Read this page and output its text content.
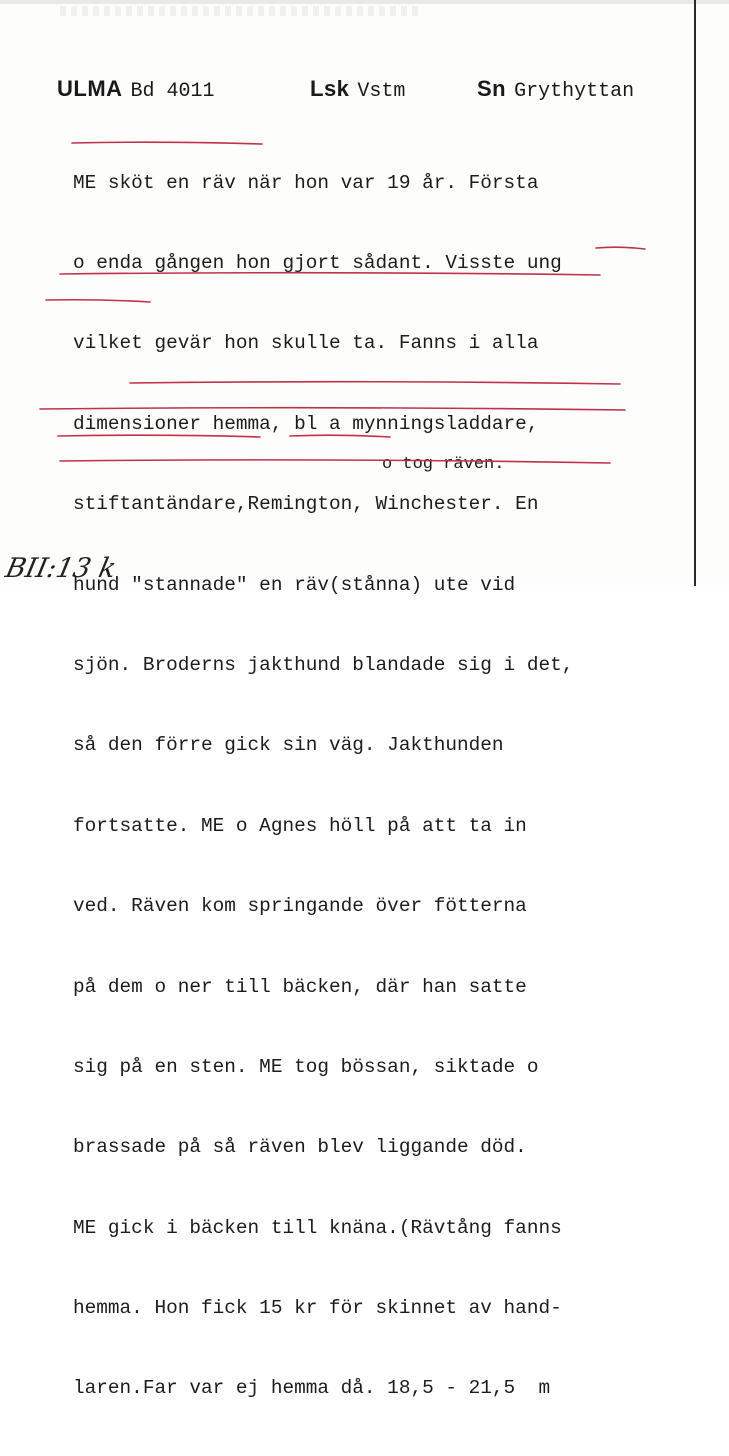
ULMA Bd 4011	Lsk Vstm	Sn Grythyttan

ME sköt en räv när hon var 19 år. Första

o enda gången hon gjort sådant. Visste ung

vilket gevär hon skulle ta. Fanns i alla

dimensioner hemma, bl a mynningsladdare,

stiftantändare,Remington, Winchester. En

hund "stannade" en räv(stånna) ute vid

sjön. Broderns jakthund blandade sig i det,

så den förre gick sin väg. Jakthunden

fortsatte. ME o Agnes höll på att ta in

ved. Räven kom springande över fötterna

på dem o ner till bäcken, där han satte

sig på en sten. ME tog bössan, siktade o

brassade på så räven blev liggande död.

ME gick i bäcken till knäna.(Rävtång fanns

hemma. Hon fick 15 kr för skinnet av hand-

laren.Far var ej hemma då. 18,5 - 21,5  m

o tog räven.
BII:13 k
